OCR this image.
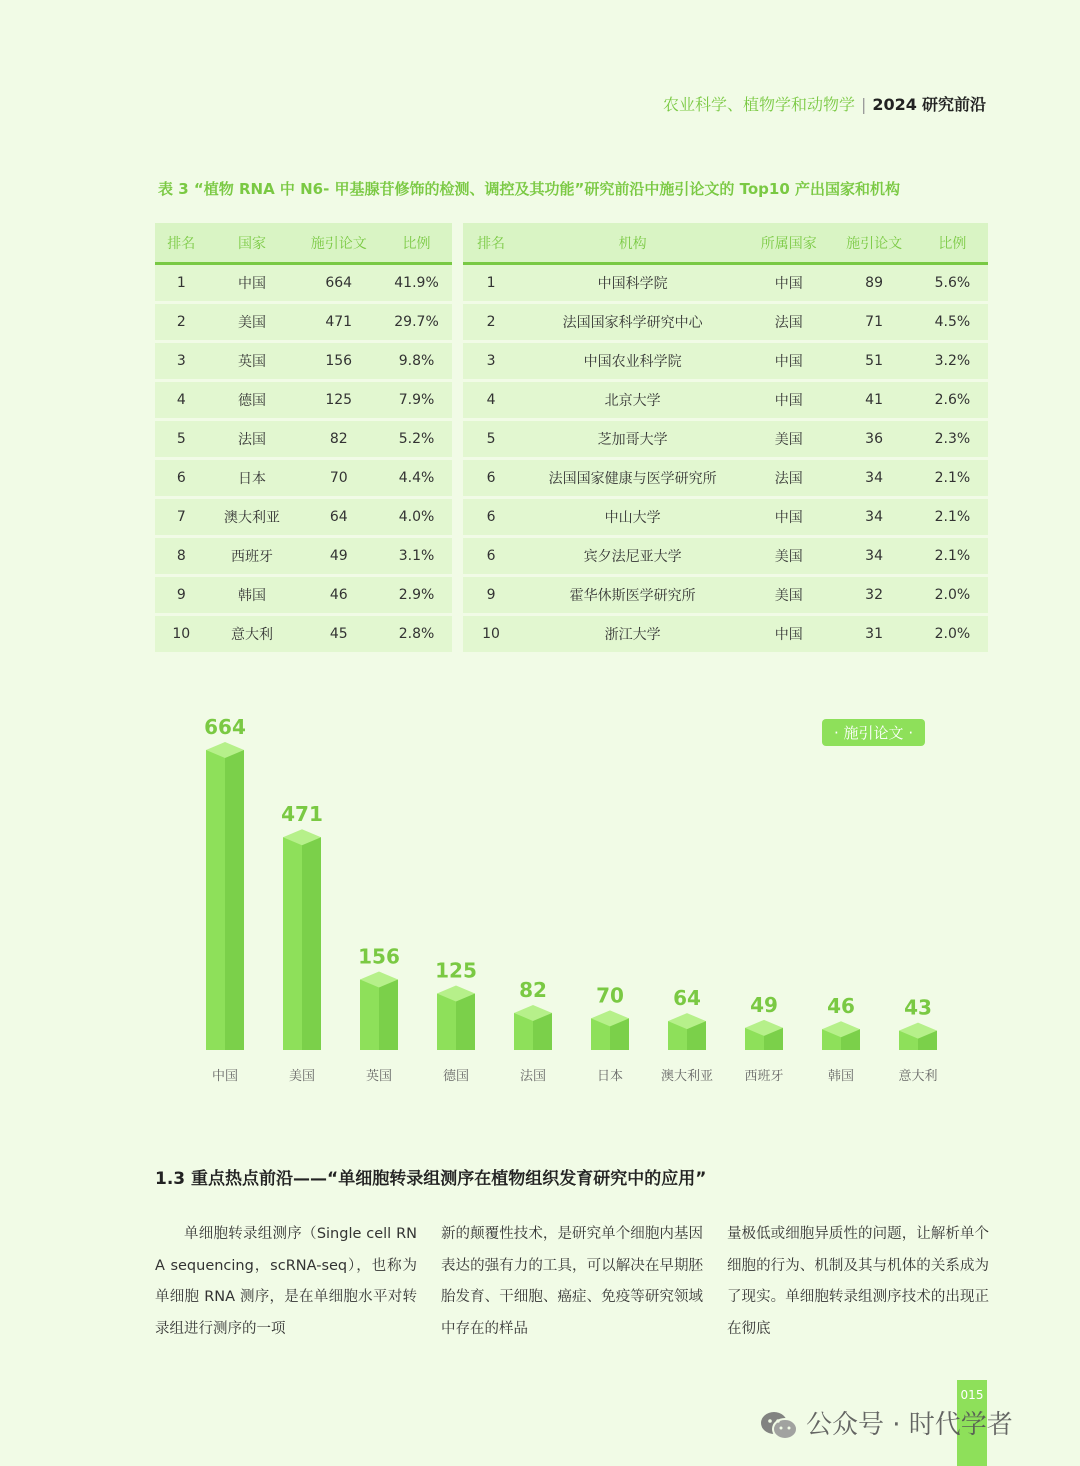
农业科学、植物学和动物学 | 2024 研究前沿
表 3 “植物 RNA 中 N6- 甲基腺苷修饰的检测、调控及其功能”研究前沿中施引论文的 Top10 产出国家和机构
排名	国家	施引论文	比例
1	中国	664	41.9%
2	美国	471	29.7%
3	英国	156	9.8%
4	德国	125	7.9%
5	法国	82	5.2%
6	日本	70	4.4%
7	澳大利亚	64	4.0%
8	西班牙	49	3.1%
9	韩国	46	2.9%
10	意大利	45	2.8%
排名	机构	所属国家	施引论文	比例
1	中国科学院	中国	89	5.6%
2	法国国家科学研究中心	法国	71	4.5%
3	中国农业科学院	中国	51	3.2%
4	北京大学	中国	41	2.6%
5	芝加哥大学	美国	36	2.3%
6	法国国家健康与医学研究所	法国	34	2.1%
6	中山大学	中国	34	2.1%
6	宾夕法尼亚大学	美国	34	2.1%
9	霍华休斯医学研究所	美国	32	2.0%
10	浙江大学	中国	31	2.0%
664
中国
471
美国
156
英国
125
德国
82
法国
70
日本
64
澳大利亚
49
西班牙
46
韩国
43
意大利
· 施引论文 ·
1.3 重点热点前沿——“单细胞转录组测序在植物组织发育研究中的应用”
单细胞转录组测序（Single cell RNA sequencing，scRNA-seq），也称为单细胞 RNA 测序，是在单细胞水平对转录组进行测序的一项
新的颠覆性技术，是研究单个细胞内基因表达的强有力的工具，可以解决在早期胚胎发育、干细胞、癌症、免疫等研究领域中存在的样品
量极低或细胞异质性的问题，让解析单个细胞的行为、机制及其与机体的关系成为了现实。单细胞转录组测序技术的出现正在彻底
015
公众号 · 时代学者
